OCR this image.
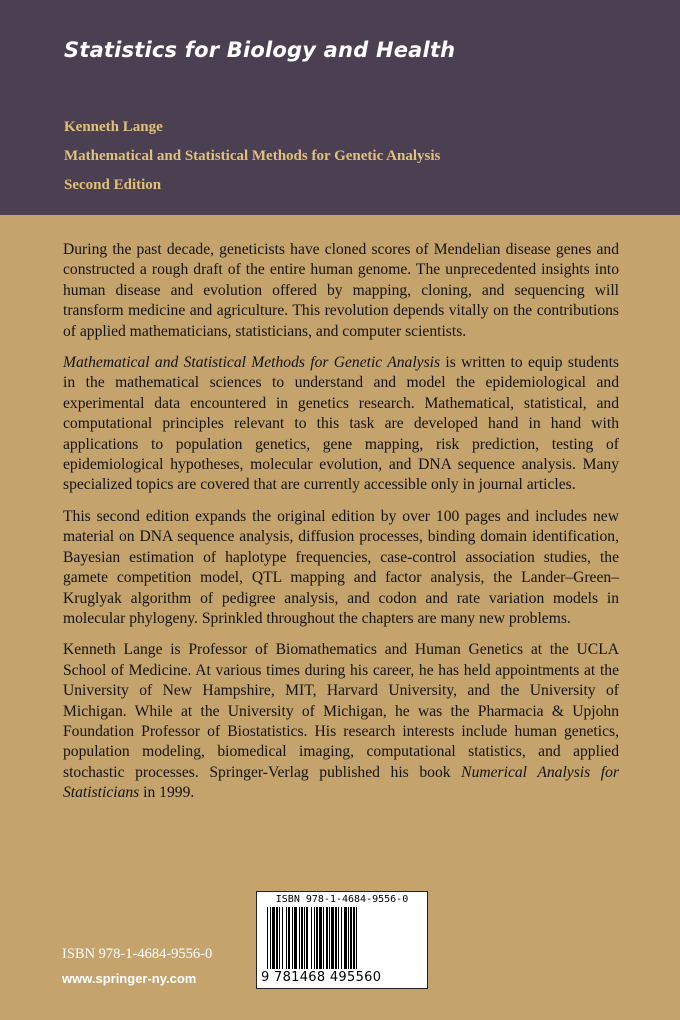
Statistics for Biology and Health
Kenneth Lange
Mathematical and Statistical Methods for Genetic Analysis
Second Edition

During the past decade, geneticists have cloned scores of Mendelian disease genes and constructed a rough draft of the entire human genome. The unprecedented insights into human disease and evolution offered by mapping, cloning, and sequencing will transform medicine and agriculture. This revolution depends vitally on the contributions of applied mathematicians, statisticians, and computer scientists.

Mathematical and Statistical Methods for Genetic Analysis is written to equip students in the mathematical sciences to understand and model the epidemiological and experimental data encountered in genetics research. Mathematical, statistical, and computational principles relevant to this task are developed hand in hand with applications to population genetics, gene mapping, risk prediction, testing of epidemiological hypotheses, molecular evolution, and DNA sequence analysis. Many specialized topics are covered that are currently accessible only in journal articles.

This second edition expands the original edition by over 100 pages and includes new material on DNA sequence analysis, diffusion processes, binding domain identification, Bayesian estimation of haplotype frequencies, case-control association studies, the gamete competition model, QTL mapping and factor analysis, the Lander–Green–Kruglyak algorithm of pedigree analysis, and codon and rate variation models in molecular phylogeny. Sprinkled throughout the chapters are many new problems.

Kenneth Lange is Professor of Biomathematics and Human Genetics at the UCLA School of Medicine. At various times during his career, he has held appointments at the University of New Hampshire, MIT, Harvard University, and the University of Michigan. While at the University of Michigan, he was the Pharmacia & Upjohn Foundation Professor of Biostatistics. His research interests include human genetics, population modeling, biomedical imaging, computational statistics, and applied stochastic processes. Springer-Verlag published his book Numerical Analysis for Statisticians in 1999.

ISBN 978-1-4684-9556-0
www.springer-ny.com
ISBN 978-1-4684-9556-0
9 781468 495560
